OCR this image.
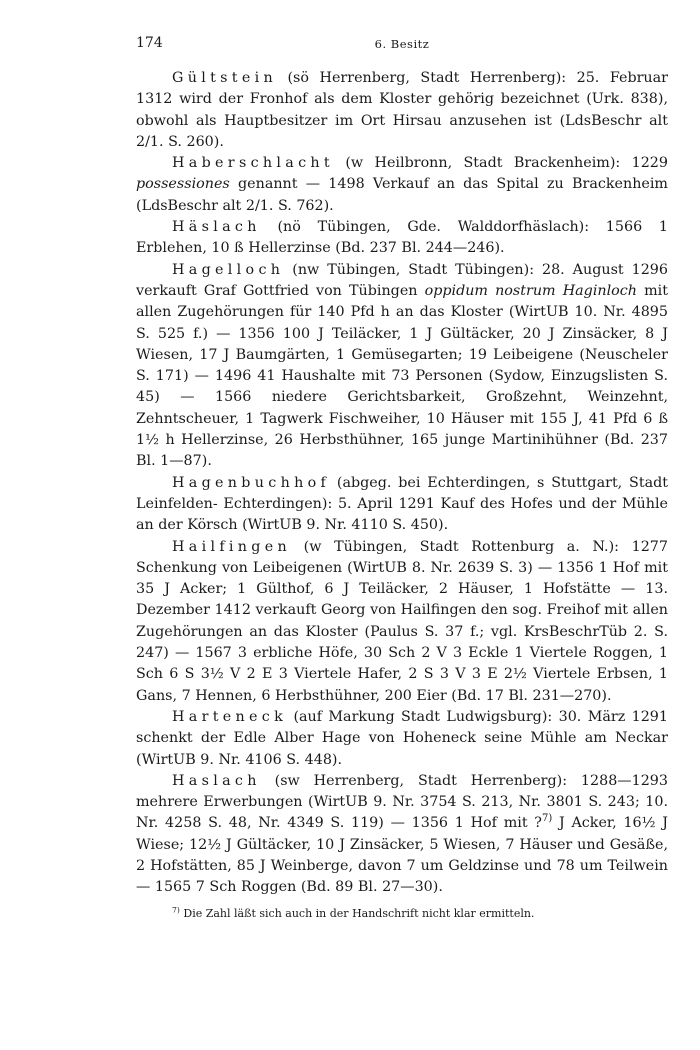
174	6. Besitz

Gültstein (sö Herrenberg, Stadt Herrenberg): 25. Februar 1312 wird der Fronhof als dem Kloster gehörig bezeichnet (Urk. 838), obwohl als Hauptbesitzer im Ort Hirsau anzusehen ist (LdsBeschr alt 2/1. S. 260).

Haberschlacht (w Heilbronn, Stadt Brackenheim): 1229 possessiones genannt — 1498 Verkauf an das Spital zu Brackenheim (LdsBeschr alt 2/1. S. 762).

Häslach (nö Tübingen, Gde. Walddorfhäslach): 1566 1 Erblehen, 10 ß Hellerzinse (Bd. 237 Bl. 244—246).

Hagelloch (nw Tübingen, Stadt Tübingen): 28. August 1296 verkauft Graf Gottfried von Tübingen oppidum nostrum Haginloch mit allen Zugehörungen für 140 Pfd h an das Kloster (WirtUB 10. Nr. 4895 S. 525 f.) — 1356 100 J Teiläcker, 1 J Gültäcker, 20 J Zinsäcker, 8 J Wiesen, 17 J Baumgärten, 1 Gemüsegarten; 19 Leibeigene (Neuscheler S. 171) — 1496 41 Haushalte mit 73 Personen (Sydow, Einzugslisten S. 45) — 1566 niedere Gerichtsbarkeit, Großzehnt, Weinzehnt, Zehntscheuer, 1 Tagwerk Fischweiher, 10 Häuser mit 155 J, 41 Pfd 6 ß 1½ h Hellerzinse, 26 Herbsthühner, 165 junge Martinihühner (Bd. 237 Bl. 1—87).

Hagenbuchhof (abgeg. bei Echterdingen, s Stuttgart, Stadt Leinfelden- Echterdingen): 5. April 1291 Kauf des Hofes und der Mühle an der Körsch (WirtUB 9. Nr. 4110 S. 450).

Hailfingen (w Tübingen, Stadt Rottenburg a. N.): 1277 Schenkung von Leibeigenen (WirtUB 8. Nr. 2639 S. 3) — 1356 1 Hof mit 35 J Acker; 1 Gülthof, 6 J Teiläcker, 2 Häuser, 1 Hofstätte — 13. Dezember 1412 verkauft Georg von Hailfingen den sog. Freihof mit allen Zugehörungen an das Kloster (Paulus S. 37 f.; vgl. KrsBeschrTüb 2. S. 247) — 1567 3 erbliche Höfe, 30 Sch 2 V 3 Eckle 1 Viertele Roggen, 1 Sch 6 S 3½ V 2 E 3 Viertele Hafer, 2 S 3 V 3 E 2½ Viertele Erbsen, 1 Gans, 7 Hennen, 6 Herbsthühner, 200 Eier (Bd. 17 Bl. 231—270).

Harteneck (auf Markung Stadt Ludwigsburg): 30. März 1291 schenkt der Edle Alber Hage von Hoheneck seine Mühle am Neckar (WirtUB 9. Nr. 4106 S. 448).

Haslach (sw Herrenberg, Stadt Herrenberg): 1288—1293 mehrere Erwerbungen (WirtUB 9. Nr. 3754 S. 213, Nr. 3801 S. 243; 10. Nr. 4258 S. 48, Nr. 4349 S. 119) — 1356 1 Hof mit ?$^{7)}$ J Acker, 16½ J Wiese; 12½ J Gültäcker, 10 J Zinsäcker, 5 Wiesen, 7 Häuser und Gesäße, 2 Hofstätten, 85 J Weinberge, davon 7 um Geldzinse und 78 um Teilwein — 1565 7 Sch Roggen (Bd. 89 Bl. 27—30).

$^{7)}$ Die Zahl läßt sich auch in der Handschrift nicht klar ermitteln.
